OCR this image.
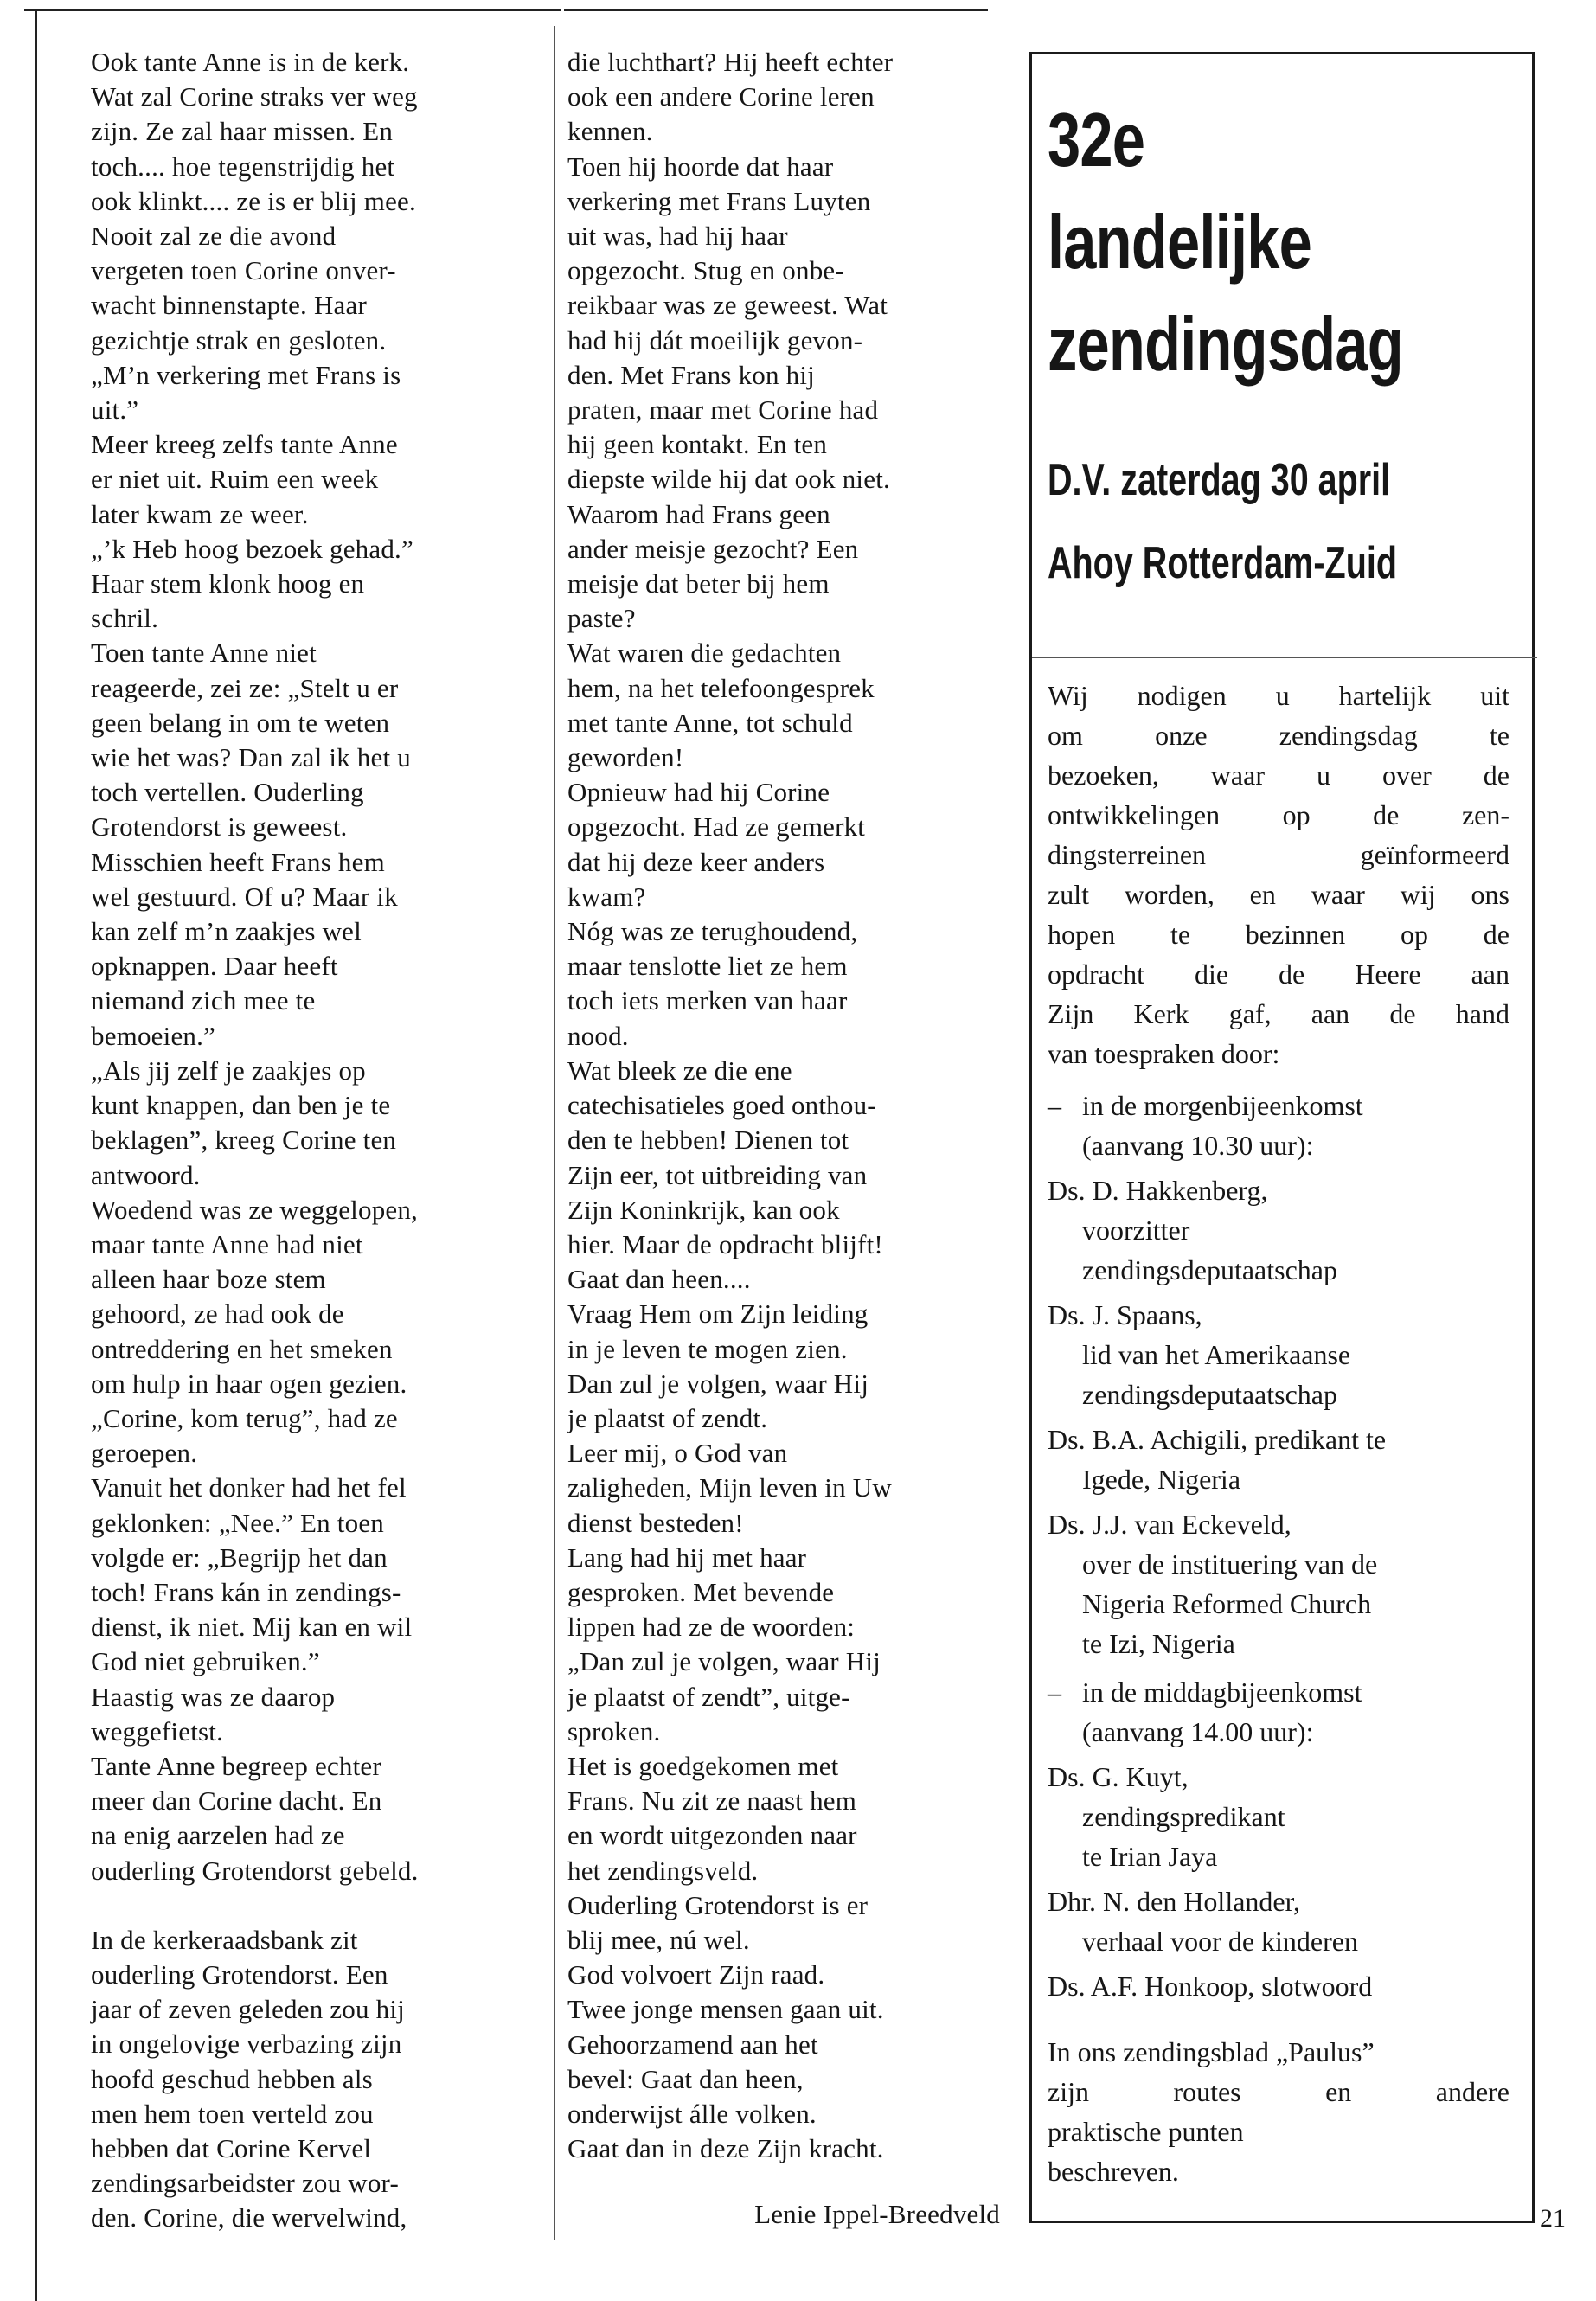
Ook tante Anne is in de kerk.

Wat zal Corine straks ver weg

zijn. Ze zal haar missen. En

toch.... hoe tegenstrijdig het

ook klinkt.... ze is er blij mee.

Nooit zal ze die avond

vergeten toen Corine onver-

wacht binnenstapte. Haar

gezichtje strak en gesloten.

„M’n verkering met Frans is

uit.”

Meer kreeg zelfs tante Anne

er niet uit. Ruim een week

later kwam ze weer.

„’k Heb hoog bezoek gehad.”

Haar stem klonk hoog en

schril.

Toen tante Anne niet

reageerde, zei ze: „Stelt u er

geen belang in om te weten

wie het was? Dan zal ik het u

toch vertellen. Ouderling

Grotendorst is geweest.

Misschien heeft Frans hem

wel gestuurd. Of u? Maar ik

kan zelf m’n zaakjes wel

opknappen. Daar heeft

niemand zich mee te

bemoeien.”

„Als jij zelf je zaakjes op

kunt knappen, dan ben je te

beklagen”, kreeg Corine ten

antwoord.

Woedend was ze weggelopen,

maar tante Anne had niet

alleen haar boze stem

gehoord, ze had ook de

ontreddering en het smeken

om hulp in haar ogen gezien.

„Corine, kom terug”, had ze

geroepen.

Vanuit het donker had het fel

geklonken: „Nee.” En toen

volgde er: „Begrijp het dan

toch! Frans kán in zendings-

dienst, ik niet. Mij kan en wil

God niet gebruiken.”

Haastig was ze daarop

weggefietst.

Tante Anne begreep echter

meer dan Corine dacht. En

na enig aarzelen had ze

ouderling Grotendorst gebeld.

In de kerkeraadsbank zit

ouderling Grotendorst. Een

jaar of zeven geleden zou hij

in ongelovige verbazing zijn

hoofd geschud hebben als

men hem toen verteld zou

hebben dat Corine Kervel

zendingsarbeidster zou wor-

den. Corine, die wervelwind,

die luchthart? Hij heeft echter

ook een andere Corine leren

kennen.

Toen hij hoorde dat haar

verkering met Frans Luyten

uit was, had hij haar

opgezocht. Stug en onbe-

reikbaar was ze geweest. Wat

had hij dát moeilijk gevon-

den. Met Frans kon hij

praten, maar met Corine had

hij geen kontakt. En ten

diepste wilde hij dat ook niet.

Waarom had Frans geen

ander meisje gezocht? Een

meisje dat beter bij hem

paste?

Wat waren die gedachten

hem, na het telefoongesprek

met tante Anne, tot schuld

geworden!

Opnieuw had hij Corine

opgezocht. Had ze gemerkt

dat hij deze keer anders

kwam?

Nóg was ze terughoudend,

maar tenslotte liet ze hem

toch iets merken van haar

nood.

Wat bleek ze die ene

catechisatieles goed onthou-

den te hebben! Dienen tot

Zijn eer, tot uitbreiding van

Zijn Koninkrijk, kan ook

hier. Maar de opdracht blijft!

Gaat dan heen....

Vraag Hem om Zijn leiding

in je leven te mogen zien.

Dan zul je volgen, waar Hij

je plaatst of zendt.

Leer mij, o God van

zaligheden, Mijn leven in Uw

dienst besteden!

Lang had hij met haar

gesproken. Met bevende

lippen had ze de woorden:

„Dan zul je volgen, waar Hij

je plaatst of zendt”, uitge-

sproken.

Het is goedgekomen met

Frans. Nu zit ze naast hem

en wordt uitgezonden naar

het zendingsveld.

Ouderling Grotendorst is er

blij mee, nú wel.

God volvoert Zijn raad.

Twee jonge mensen gaan uit.

Gehoorzamend aan het

bevel: Gaat dan heen,

onderwijst álle volken.

Gaat dan in deze Zijn kracht.

Lenie Ippel-Breedveld

32e
landelijke
zendingsdag

D.V. zaterdag 30 april

Ahoy Rotterdam-Zuid

Wij nodigen u hartelijk uit

om onze zendingsdag te

bezoeken, waar u over de

ontwikkelingen op de zen-

dingsterreinen geïnformeerd

zult worden, en waar wij ons

hopen te bezinnen op de

opdracht die de Heere aan

Zijn Kerk gaf, aan de hand

van toespraken door:

– in de morgenbijeenkomst

(aanvang 10.30 uur):

Ds. D. Hakkenberg,

voorzitter

zendingsdeputaatschap

Ds. J. Spaans,

lid van het Amerikaanse

zendingsdeputaatschap

Ds. B.A. Achigili, predikant te

Igede, Nigeria

Ds. J.J. van Eckeveld,

over de instituering van de

Nigeria Reformed Church

te Izi, Nigeria

– in de middagbijeenkomst

(aanvang 14.00 uur):

Ds. G. Kuyt,

zendingspredikant

te Irian Jaya

Dhr. N. den Hollander,

verhaal voor de kinderen

Ds. A.F. Honkoop, slotwoord

In ons zendingsblad „Paulus”

zijn routes en andere

praktische punten

beschreven.

21
